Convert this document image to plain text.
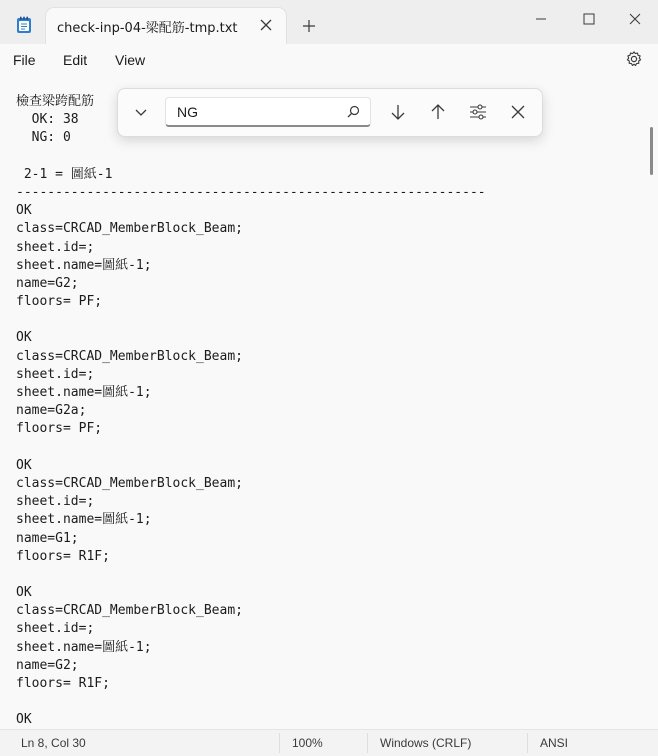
check-inp-04-梁配筋-tmp.txt
File Edit View
檢查梁跨配筋
OK: 38
NG: 0
2-1 = 圖紙-1
------------------------------------------------------------
OK
class=CRCAD_MemberBlock_Beam;
sheet.id=;
sheet.name=圖紙-1;
name=G2;
floors= PF;
OK
class=CRCAD_MemberBlock_Beam;
sheet.id=;
sheet.name=圖紙-1;
name=G2a;
floors= PF;
OK
class=CRCAD_MemberBlock_Beam;
sheet.id=;
sheet.name=圖紙-1;
name=G1;
floors= R1F;
OK
class=CRCAD_MemberBlock_Beam;
sheet.id=;
sheet.name=圖紙-1;
name=G2;
floors= R1F;
OK
NG
Ln 8, Col 30	100%	Windows (CRLF)	ANSI
